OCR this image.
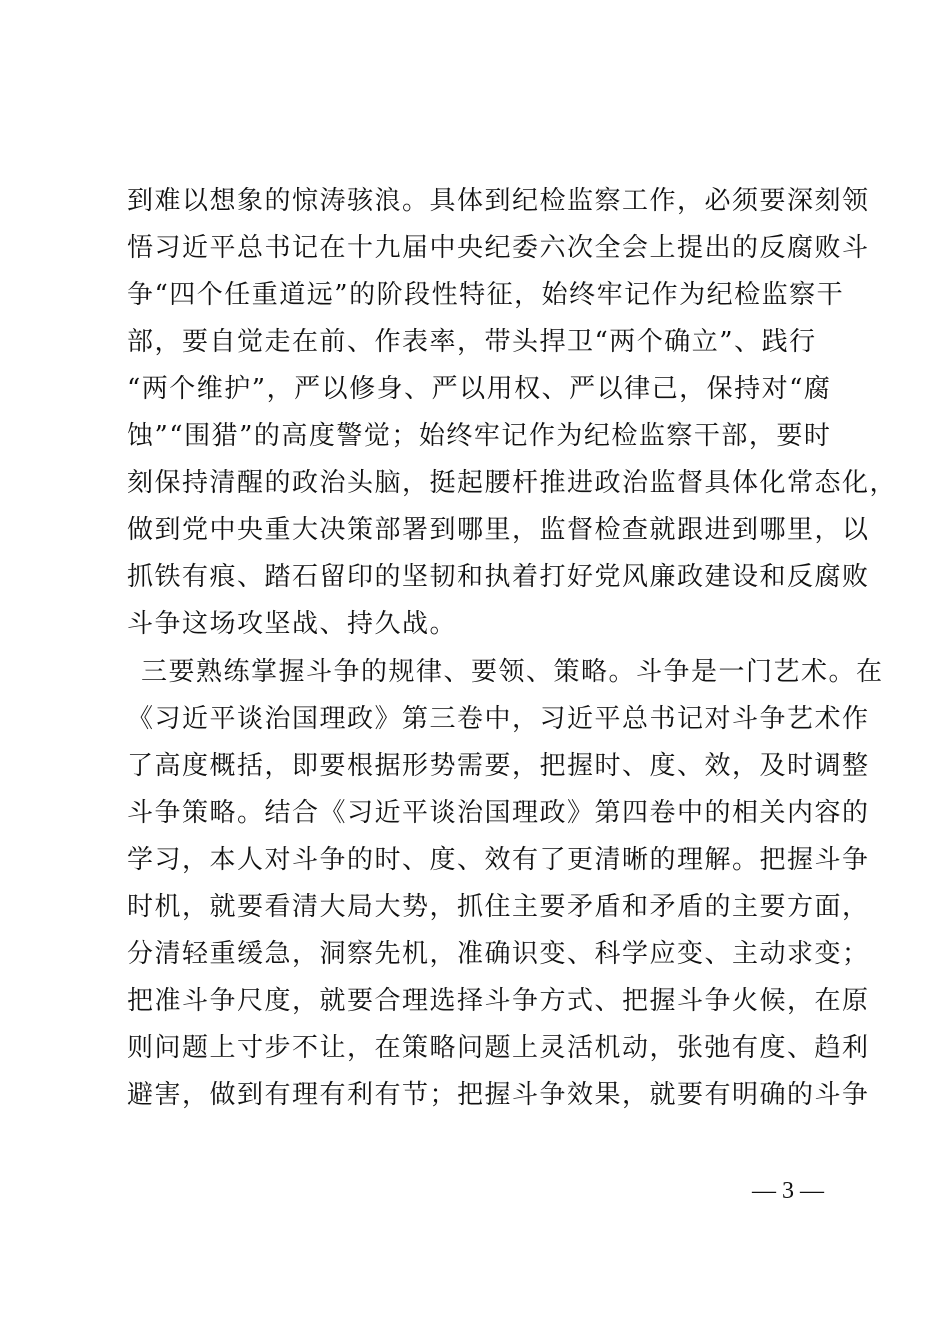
到难以想象的惊涛骇浪。具体到纪检监察工作，必须要深刻领
悟习近平总书记在十九届中央纪委六次全会上提出的反腐败斗
争“四个任重道远”的阶段性特征，始终牢记作为纪检监察干
部，要自觉走在前、作表率，带头捍卫“两个确立”、践行
“两个维护”，严以修身、严以用权、严以律己，保持对“腐
蚀”“围猎”的高度警觉；始终牢记作为纪检监察干部，要时
刻保持清醒的政治头脑，挺起腰杆推进政治监督具体化常态化，
做到党中央重大决策部署到哪里，监督检查就跟进到哪里，以
抓铁有痕、踏石留印的坚韧和执着打好党风廉政建设和反腐败
斗争这场攻坚战、持久战。
三要熟练掌握斗争的规律、要领、策略。斗争是一门艺术。在
《习近平谈治国理政》第三卷中，习近平总书记对斗争艺术作
了高度概括，即要根据形势需要，把握时、度、效，及时调整
斗争策略。结合《习近平谈治国理政》第四卷中的相关内容的
学习，本人对斗争的时、度、效有了更清晰的理解。把握斗争
时机，就要看清大局大势，抓住主要矛盾和矛盾的主要方面，
分清轻重缓急，洞察先机，准确识变、科学应变、主动求变；
把准斗争尺度，就要合理选择斗争方式、把握斗争火候，在原
则问题上寸步不让，在策略问题上灵活机动，张弛有度、趋利
避害，做到有理有利有节；把握斗争效果，就要有明确的斗争
— 3 —
